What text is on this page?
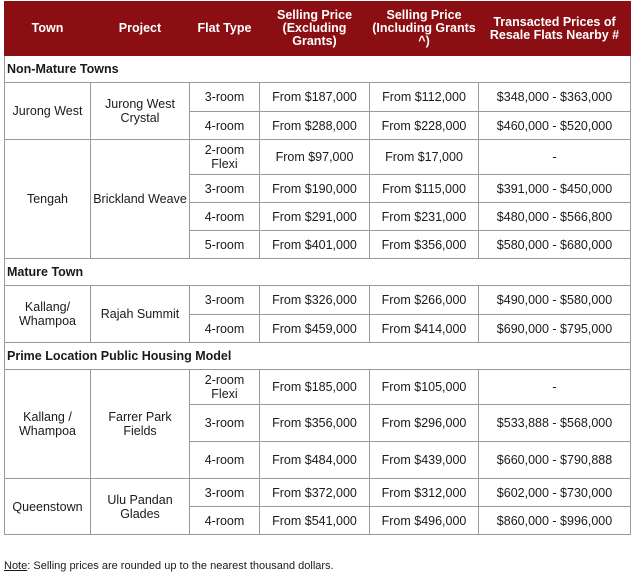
Town	Project	Flat Type	Selling Price (Excluding Grants)	Selling Price (Including Grants ^)	Transacted Prices of Resale Flats Nearby #
Non-Mature Towns					
Jurong West	Jurong West Crystal	3-room	From $187,000	From $112,000	$348,000 - $363,000
		4-room	From $288,000	From $228,000	$460,000 - $520,000
Tengah	Brickland Weave	2-room Flexi	From $97,000	From $17,000	-
		3-room	From $190,000	From $115,000	$391,000 - $450,000
		4-room	From $291,000	From $231,000	$480,000 - $566,800
		5-room	From $401,000	From $356,000	$580,000 - $680,000
Mature Town					
Kallang/ Whampoa	Rajah Summit	3-room	From $326,000	From $266,000	$490,000 - $580,000
		4-room	From $459,000	From $414,000	$690,000 - $795,000
Prime Location Public Housing Model					
Kallang / Whampoa	Farrer Park Fields	2-room Flexi	From $185,000	From $105,000	-
		3-room	From $356,000	From $296,000	$533,888 - $568,000
		4-room	From $484,000	From $439,000	$660,000 - $790,888
Queenstown	Ulu Pandan Glades	3-room	From $372,000	From $312,000	$602,000 - $730,000
		4-room	From $541,000	From $496,000	$860,000 - $996,000
Note: Selling prices are rounded up to the nearest thousand dollars.
